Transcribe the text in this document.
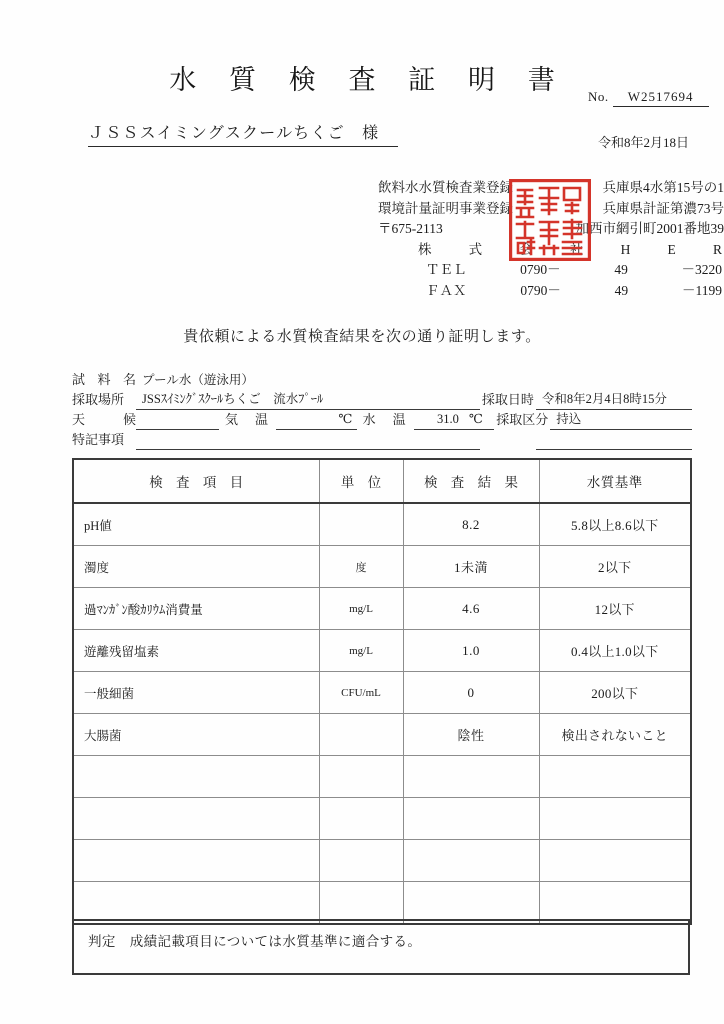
水 質 検 査 証 明 書
No. W2517694
ＪＳＳスイミングスクールちくご　様
令和8年2月18日
飲料水水質検査業登録	兵庫県4水第15号の1
環境計量証明事業登録	兵庫県計証第濃73号
〒675-2113	加西市網引町2001番地39
株	式	会	社	H	E	R
ＴＥＬ	0790－	49	－3220
ＦＡＸ	0790－	49	－1199
貴依頼による水質検査結果を次の通り証明します。
試 料 名 プール水（遊泳用）
採取場所	JSSｽｲﾐﾝｸﾞｽｸｰﾙちくご　流水ﾌﾟｰﾙ	採取日時 令和8年2月4日8時15分
天	候	気　温	℃ 水　温	31.0 ℃	採取区分 持込
特記事項
検 査 項 目	単 位	検 査 結 果	水質基準
pH値		8.2	5.8以上8.6以下
濁度	度	1未満	2以下
過ﾏﾝｶﾞﾝ酸ｶﾘｳﾑ消費量	mg/L	4.6	12以下
遊離残留塩素	mg/L	1.0	0.4以上1.0以下
一般細菌	CFU/mL	0	200以下
大腸菌		陰性	検出されないこと

判定　成績記載項目については水質基準に適合する。
